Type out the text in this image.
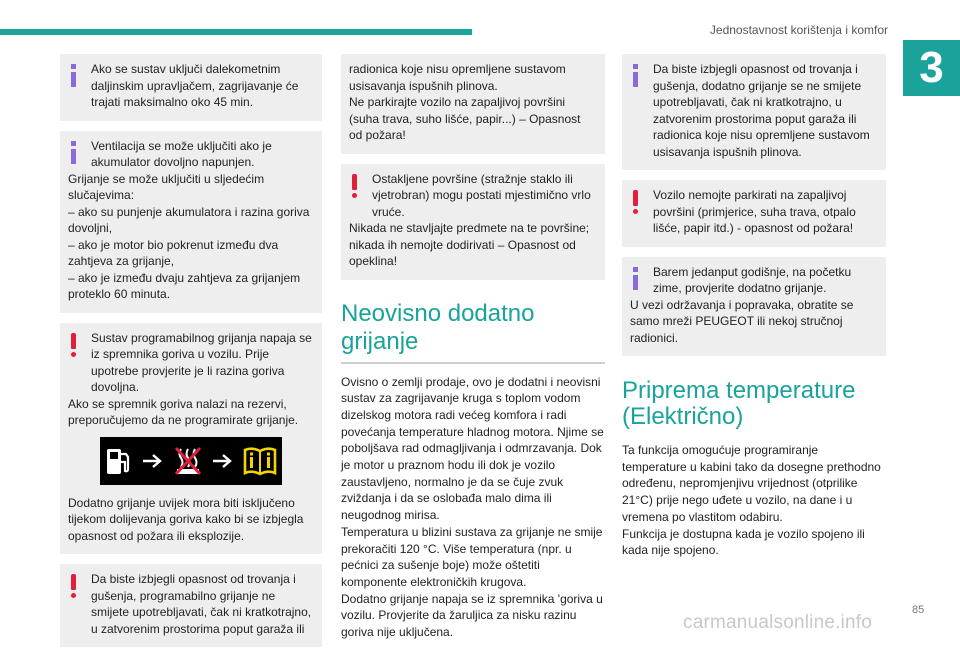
Jednostavnost korištenja i komfor
3
Ako se sustav uključi dalekometnim daljinskim upravljačem, zagrijavanje će trajati maksimalno oko 45 min.
Ventilacija se može uključiti ako je akumulator dovoljno napunjen.
Grijanje se može uključiti u sljedećim slučajevima:
– ako su punjenje akumulatora i razina goriva dovoljni,
– ako je motor bio pokrenut između dva zahtjeva za grijanje,
– ako je između dvaju zahtjeva za grijanjem proteklo 60 minuta.
Sustav programabilnog grijanja napaja se iz spremnika goriva u vozilu. Prije upotrebe provjerite je li razina goriva dovoljna.
Ako se spremnik goriva nalazi na rezervi, preporučujemo da ne programirate grijanje.
Dodatno grijanje uvijek mora biti isključeno tijekom dolijevanja goriva kako bi se izbjegla opasnost od požara ili eksplozije.
Da biste izbjegli opasnost od trovanja i gušenja, programabilno grijanje ne smijete upotrebljavati, čak ni kratkotrajno, u zatvorenim prostorima poput garaža ili
radionica koje nisu opremljene sustavom usisavanja ispušnih plinova.
Ne parkirajte vozilo na zapaljivoj površini (suha trava, suho lišće, papir...) – Opasnost od požara!
Ostakljene površine (stražnje staklo ili vjetrobran) mogu postati mjestimično vrlo vruće.
Nikada ne stavljajte predmete na te površine; nikada ih nemojte dodirivati – Opasnost od opeklina!
Neovisno dodatno grijanje

Ovisno o zemlji prodaje, ovo je dodatni i neovisni sustav za zagrijavanje kruga s toplom vodom dizelskog motora radi većeg komfora i radi povećanja temperature hladnog motora. Njime se poboljšava rad odmagljivanja i odmrzavanja. Dok je motor u praznom hodu ili dok je vozilo zaustavljeno, normalno je da se čuje zvuk zviždanja i da se oslobađa malo dima ili neugodnog mirisa.

Temperatura u blizini sustava za grijanje ne smije prekoračiti 120 °C. Više temperatura (npr. u pećnici za sušenje boje) može oštetiti komponente elektroničkih krugova.

Dodatno grijanje napaja se iz spremnika 'goriva u vozilu. Provjerite da žaruljica za nisku razinu goriva nije uključena.

Da biste izbjegli opasnost od trovanja i gušenja, dodatno grijanje se ne smijete upotrebljavati, čak ni kratkotrajno, u zatvorenim prostorima poput garaža ili radionica koje nisu opremljene sustavom usisavanja ispušnih plinova.
Vozilo nemojte parkirati na zapaljivoj površini (primjerice, suha trava, otpalo lišće, papir itd.) - opasnost od požara!
Barem jedanput godišnje, na početku zime, provjerite dodatno grijanje.
U vezi održavanja i popravaka, obratite se samo mreži PEUGEOT ili nekoj stručnoj radionici.
Priprema temperature (Električno)

Ta funkcija omogućuje programiranje temperature u kabini tako da dosegne prethodno određenu, nepromjenjivu vrijednost (otprilike 21°C) prije nego uđete u vozilo, na dane i u vremena po vlastitom odabiru.

Funkcija je dostupna kada je vozilo spojeno ili kada nije spojeno.

85
carmanualsonline.info
